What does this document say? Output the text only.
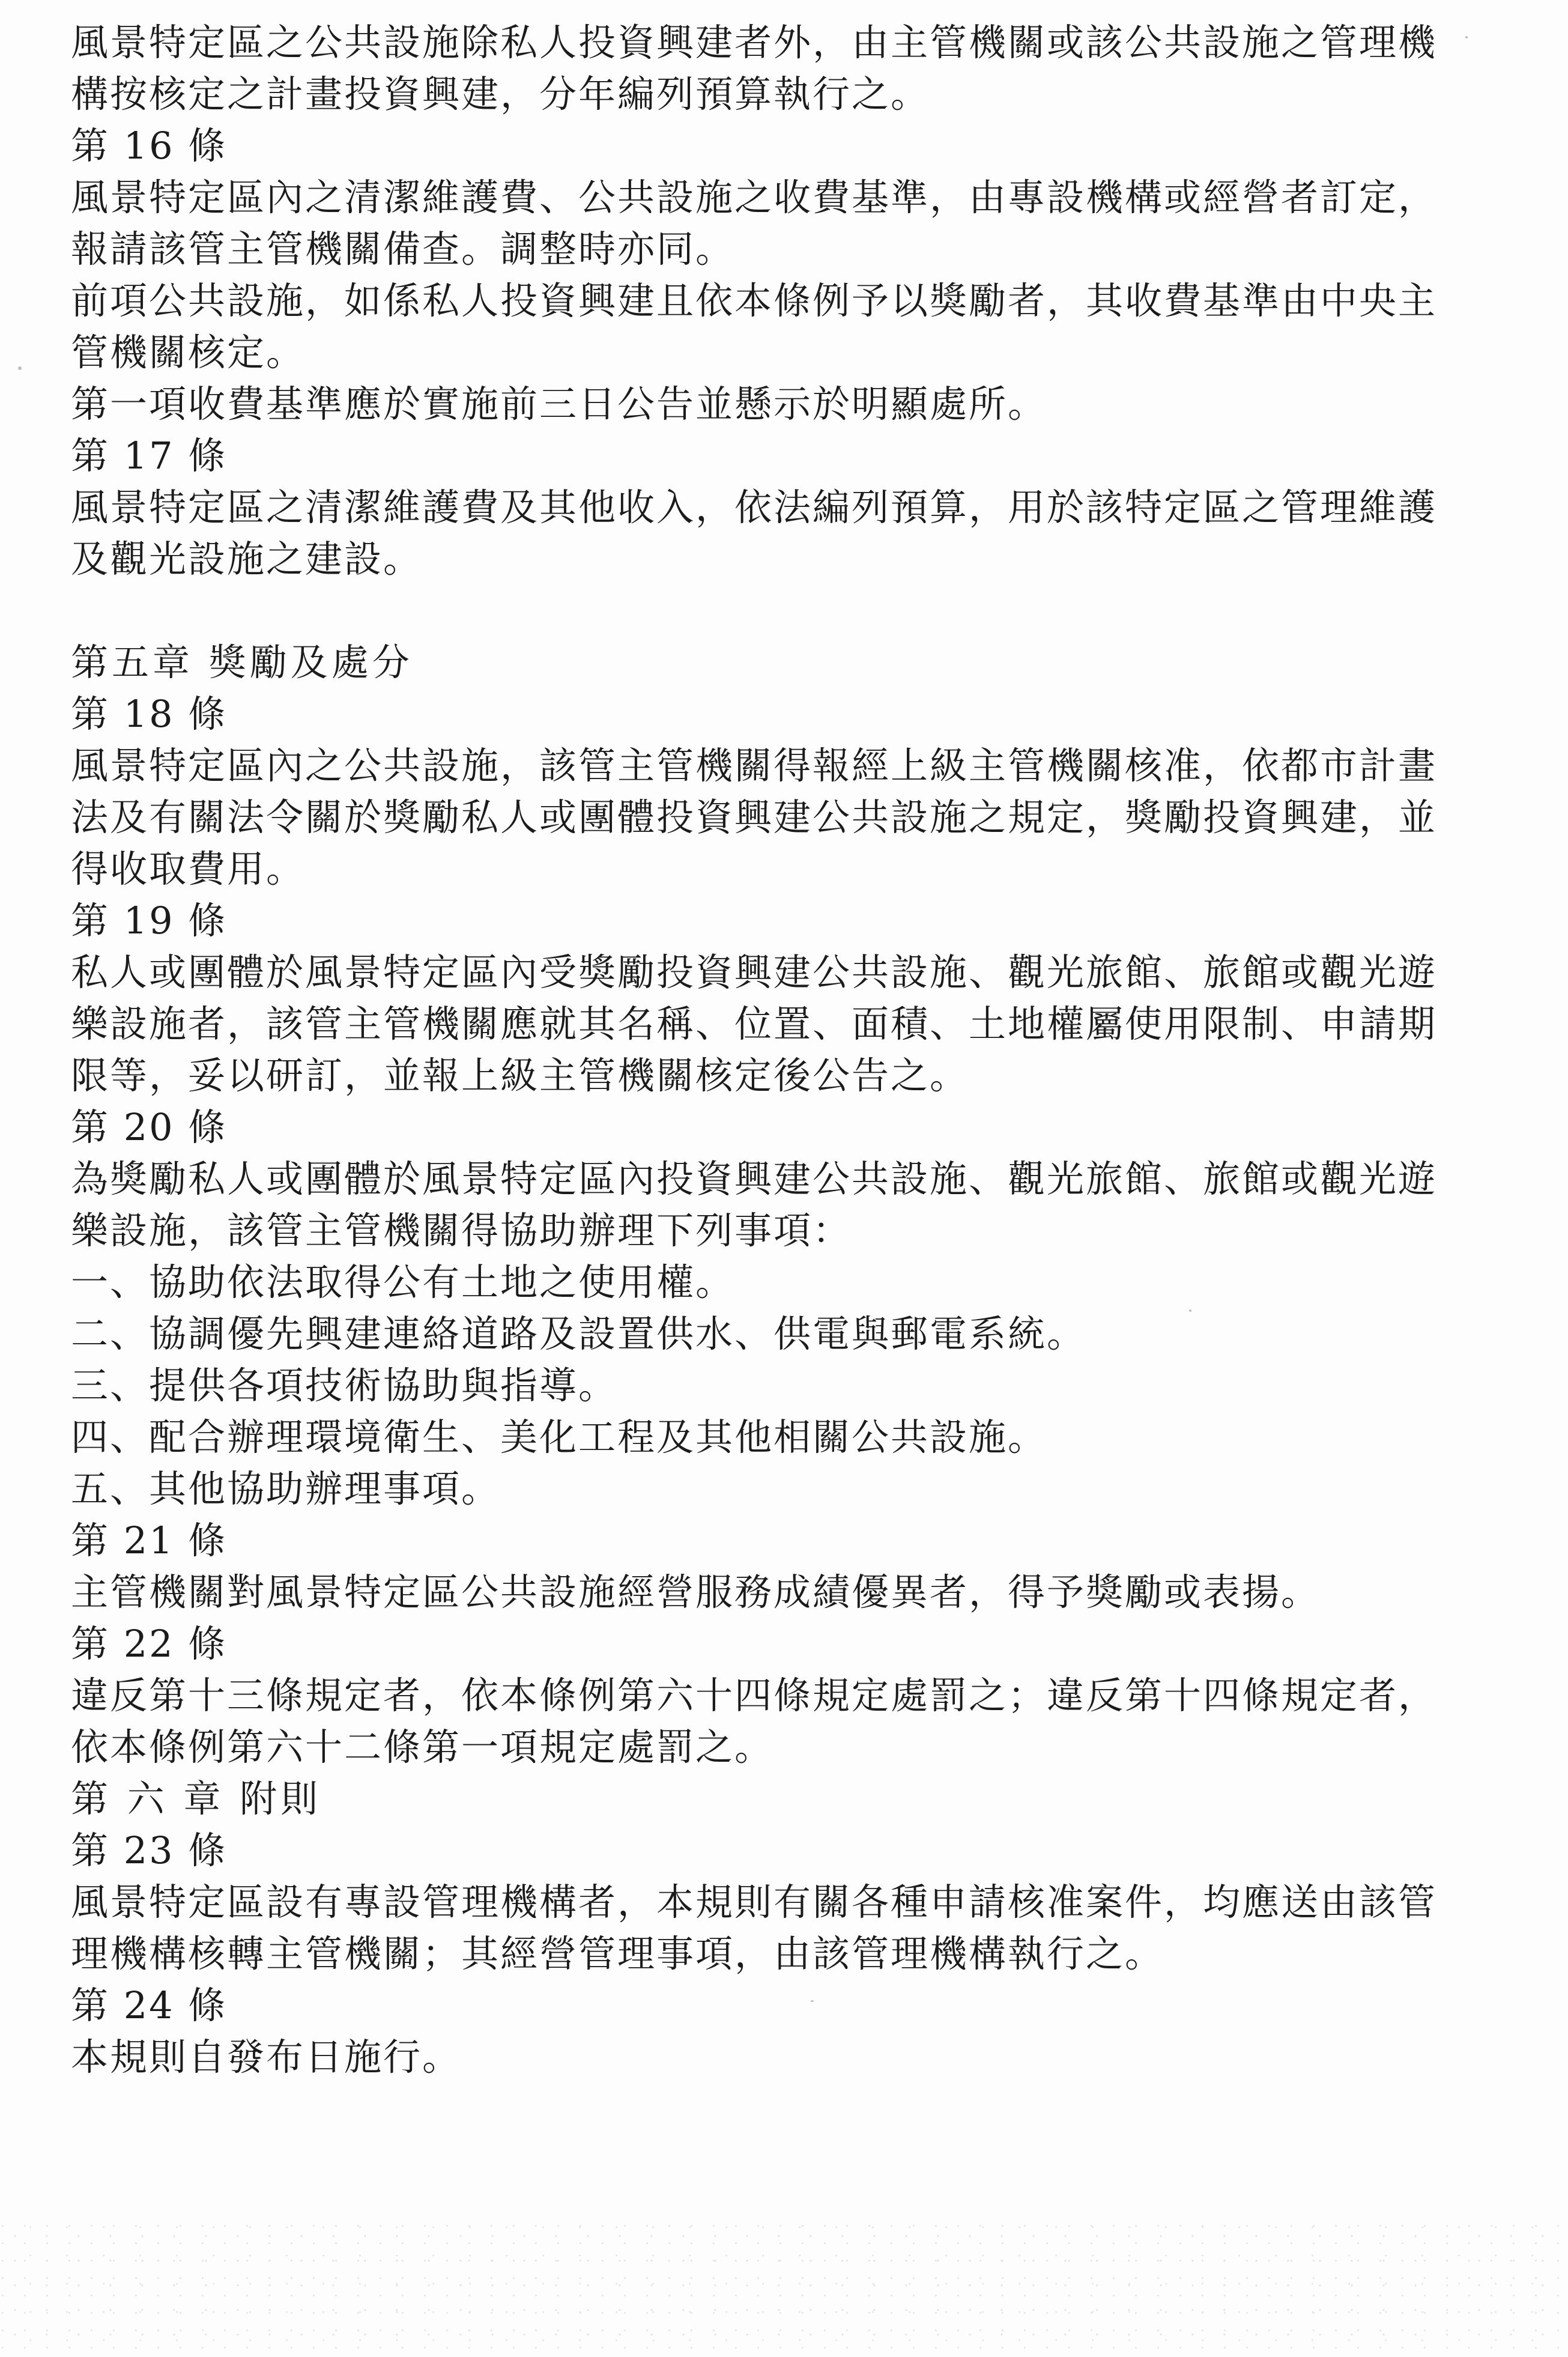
風景特定區之公共設施除私人投資興建者外，由主管機關或該公共設施之管理機
構按核定之計畫投資興建，分年編列預算執行之。
第 16 條
風景特定區內之清潔維護費、公共設施之收費基準，由專設機構或經營者訂定，
報請該管主管機關備查。調整時亦同。
前項公共設施，如係私人投資興建且依本條例予以獎勵者，其收費基準由中央主
管機關核定。
第一項收費基準應於實施前三日公告並懸示於明顯處所。
第 17 條
風景特定區之清潔維護費及其他收入，依法編列預算，用於該特定區之管理維護
及觀光設施之建設。
第五章 獎勵及處分
第 18 條
風景特定區內之公共設施，該管主管機關得報經上級主管機關核准，依都市計畫
法及有關法令關於獎勵私人或團體投資興建公共設施之規定，獎勵投資興建，並
得收取費用。
第 19 條
私人或團體於風景特定區內受獎勵投資興建公共設施、觀光旅館、旅館或觀光遊
樂設施者，該管主管機關應就其名稱、位置、面積、土地權屬使用限制、申請期
限等，妥以研訂，並報上級主管機關核定後公告之。
第 20 條
為獎勵私人或團體於風景特定區內投資興建公共設施、觀光旅館、旅館或觀光遊
樂設施，該管主管機關得協助辦理下列事項：
一、協助依法取得公有土地之使用權。
二、協調優先興建連絡道路及設置供水、供電與郵電系統。
三、提供各項技術協助與指導。
四、配合辦理環境衛生、美化工程及其他相關公共設施。
五、其他協助辦理事項。
第 21 條
主管機關對風景特定區公共設施經營服務成績優異者，得予獎勵或表揚。
第 22 條
違反第十三條規定者，依本條例第六十四條規定處罰之；違反第十四條規定者，
依本條例第六十二條第一項規定處罰之。
第 六 章 附則
第 23 條
風景特定區設有專設管理機構者，本規則有關各種申請核准案件，均應送由該管
理機構核轉主管機關；其經營管理事項，由該管理機構執行之。
第 24 條
本規則自發布日施行。
